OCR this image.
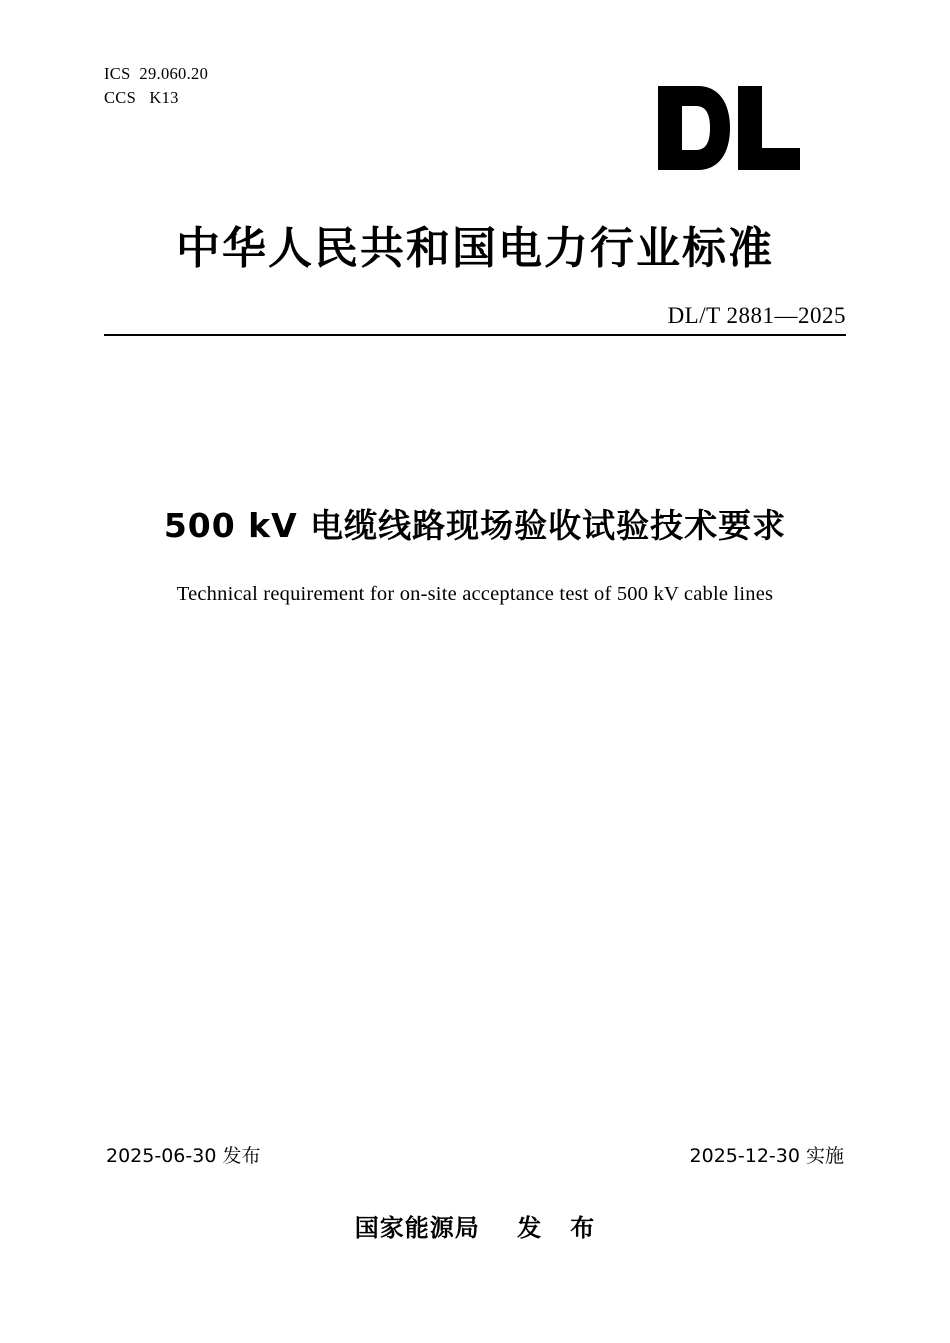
ICS  29.060.20
CCS   K13
中华人民共和国电力行业标准
DL/T 2881—2025
500 kV 电缆线路现场验收试验技术要求
Technical requirement for on-site acceptance test of 500 kV cable lines
2025-06-30 发布	2025-12-30 实施
国家能源局    发   布
